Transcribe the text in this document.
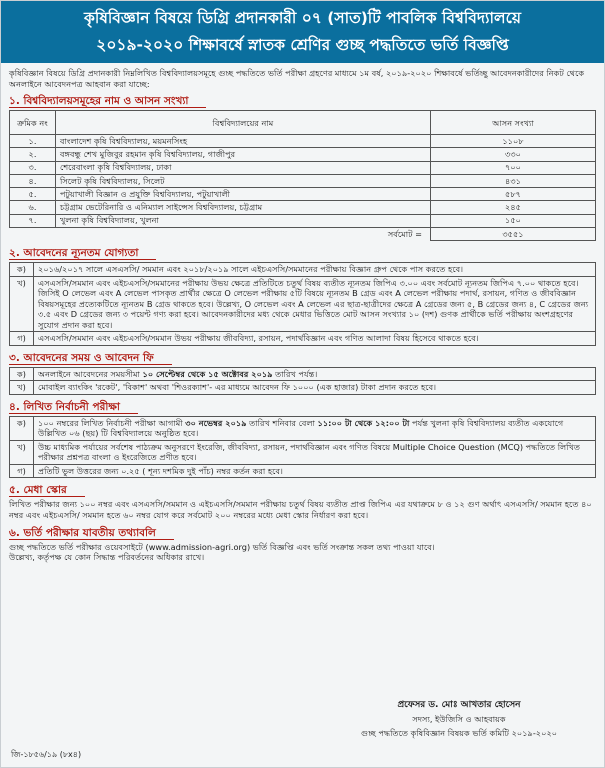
কৃষিবিজ্ঞান বিষয়ে ডিগ্রি প্রদানকারী ০৭ (সাত)টি পাবলিক বিশ্ববিদ্যালয়ে
২০১৯-২০২০ শিক্ষাবর্ষে স্নাতক শ্রেণির গুচ্ছ পদ্ধতিতে ভর্তি বিজ্ঞপ্তি

কৃষিবিজ্ঞান বিষয়ে ডিগ্রি প্রদানকারী নিম্নলিখিত বিশ্ববিদ্যালয়সমূহে গুচ্ছ পদ্ধতিতে ভর্তি পরীক্ষা গ্রহণের মাধ্যমে ১ম বর্ষ, ২০১৯-২০২০ শিক্ষাবর্ষে ভর্তিচ্ছু আবেদনকারীদের নিকট থেকে অনলাইনে আবেদনপত্র আহবান করা যাচ্ছে:

১. বিশ্ববিদ্যালয়সমূহের নাম ও আসন সংখ্যা
ক্রমিক নং	বিশ্ববিদ্যালয়ের নাম	আসন সংখ্যা
১.	বাংলাদেশ কৃষি বিশ্ববিদ্যালয়, ময়মনসিংহ	১১০৮
২.	বঙ্গবন্ধু শেখ মুজিবুর রহমান কৃষি বিশ্ববিদ্যালয়, গাজীপুর	৩৩০
৩.	শেরেবাংলা কৃষি বিশ্ববিদ্যালয়, ঢাকা	৭০০
৪.	সিলেট কৃষি বিশ্ববিদ্যালয়, সিলেট	৪৩১
৫.	পটুয়াখালী বিজ্ঞান ও প্রযুক্তি বিশ্ববিদ্যালয়, পটুয়াখালী	৫৮৭
৬.	চট্টগ্রাম ভেটেরিনারি ও এনিম্যাল সাইন্সেস বিশ্ববিদ্যালয়, চট্টগ্রাম	২৪৫
৭.	খুলনা কৃষি বিশ্ববিদ্যালয়, খুলনা	১৫০
	সর্বমোট =	৩৫৫১
২. আবেদনের ন্যূনতম যোগ্যতা
ক)	২০১৬/২০১৭ সালে এসএসসি/ সমমান এবং ২০১৮/২০১৯ সালে এইচএসসি/সমমানের পরীক্ষায় বিজ্ঞান গ্রুপ থেকে পাস করতে হবে।
খ)	এসএসসি/সমমান এবং এইচএসসি/সমমানের পরীক্ষায় উভয় ক্ষেত্রে প্রতিটিতে চতুর্থ বিষয় ব্যতীত ন্যূনতম জিপিএ ৩.০০ এবং সর্বমোট ন্যূনতম জিপিএ ৭.০০ থাকতে হবে। জিসিই O লেভেল এবং A লেভেল পাসকৃত প্রার্থীর ক্ষেত্রে O লেভেল পরীক্ষায় ৫টি বিষয়ে ন্যূনতম B গ্রেড এবং A লেভেল পরীক্ষায় পদার্থ, রসায়ন, গণিত ও জীববিজ্ঞান বিষয়সমূহের প্রত্যেকটিতে ন্যূনতম B গ্রেড থাকতে হবে। উল্লেখ্য, O লেভেল এবং A লেভেল এর ছাত্র-ছাত্রীদের ক্ষেত্রে A গ্রেডের জন্য ৫, B গ্রেডের জন্য ৪, C গ্রেডের জন্য ৩.৫ এবং D গ্রেডের জন্য ৩ পয়েন্ট গণ্য করা হবে। আবেদনকারীদের মধ্য থেকে মেধার ভিত্তিতে মোট আসন সংখ্যার ১০ (দশ) গুণক প্রার্থীকে ভর্তি পরীক্ষায় অংশগ্রহণের সুযোগ প্রদান করা হবে।
গ)	এসএসসি/সমমান এবং এইচএসসি/সমমান উভয় পরীক্ষায় জীববিদ্যা, রসায়ন, পদার্থবিজ্ঞান এবং গণিত আলাদা বিষয় হিসেবে থাকতে হবে।
৩. আবেদনের সময় ও আবেদন ফি
ক)	অনলাইনে আবেদনের সময়সীমা ১০ সেপ্টেম্বর থেকে ১৫ অক্টোবর ২০১৯ তারিখ পর্যন্ত।
খ)	মোবাইল ব্যাংকিং 'রকেট', 'বিকাশ' অথবা 'শিওরক্যাশ'- এর মাধ্যমে আবেদন ফি ১০০০ (এক হাজার) টাকা প্রদান করতে হবে।
৪. লিখিত নির্বাচনী পরীক্ষা
ক)	১০০ নম্বরের লিখিত নির্বাচনী পরীক্ষা আগামী ৩০ নভেম্বর ২০১৯ তারিখ শনিবার বেলা ১১:০০ টা থেকে ১২:০০ টা পর্যন্ত খুলনা কৃষি বিশ্ববিদ্যালয় ব্যতীত একযোগে উল্লিখিত ০৬ (ছয়) টি বিশ্ববিদ্যালয়ে অনুষ্ঠিত হবে।
খ)	উচ্চ মাধ্যমিক পর্যায়ের সর্বশেষ পাঠ্যক্রম অনুসরণে ইংরেজি, জীববিদ্যা, রসায়ন, পদার্থবিজ্ঞান এবং গণিত বিষয়ে Multiple Choice Question (MCQ) পদ্ধতিতে লিখিত পরীক্ষার প্রশ্নপত্র বাংলা ও ইংরেজিতে প্রণীত হবে।
গ)	প্রতিটি ভুল উত্তরের জন্য ০.২৫ ( শূন্য দশমিক দুই পাঁচ) নম্বর কর্তন করা হবে।
৫. মেধা স্কোর

লিখিত পরীক্ষার জন্য ১০০ নম্বর এবং এসএসসি/সমমান ও এইচএসসি/সমমান পরীক্ষায় চতুর্থ বিষয় ব্যতীত প্রাপ্ত জিপিএ এর যথাক্রমে ৮ ও ১২ গুণ অর্থাৎ এসএসসি/ সমমান হতে ৪০ নম্বর এবং এইচএসসি/ সমমান হতে ৬০ নম্বর যোগ করে সর্বমোট ২০০ নম্বরের মধ্যে মেধা স্কোর নির্ধারণ করা হবে।

৬. ভর্তি পরীক্ষার যাবতীয় তথ্যাবলি

গুচ্ছ পদ্ধতিতে ভর্তি পরীক্ষার ওয়েবসাইটে (www.admission-agri.org) ভর্তি বিজ্ঞপ্তি এবং ভর্তি সংক্রান্ত সকল তথ্য পাওয়া যাবে।

উল্লেখ্য, কর্তৃপক্ষ যে কোন সিদ্ধান্ত পরিবর্তনের অধিকার রাখে।

প্রফেসর ড. মোঃ আখতার হোসেন
সদস্য, ইউজিসি ও আহবায়ক
গুচ্ছ পদ্ধতিতে কৃষিবিজ্ঞান বিষয়ক ভর্তি কমিটি ২০১৯-২০২০
জি-১৮৫৬/১৯ (৮x৪)
